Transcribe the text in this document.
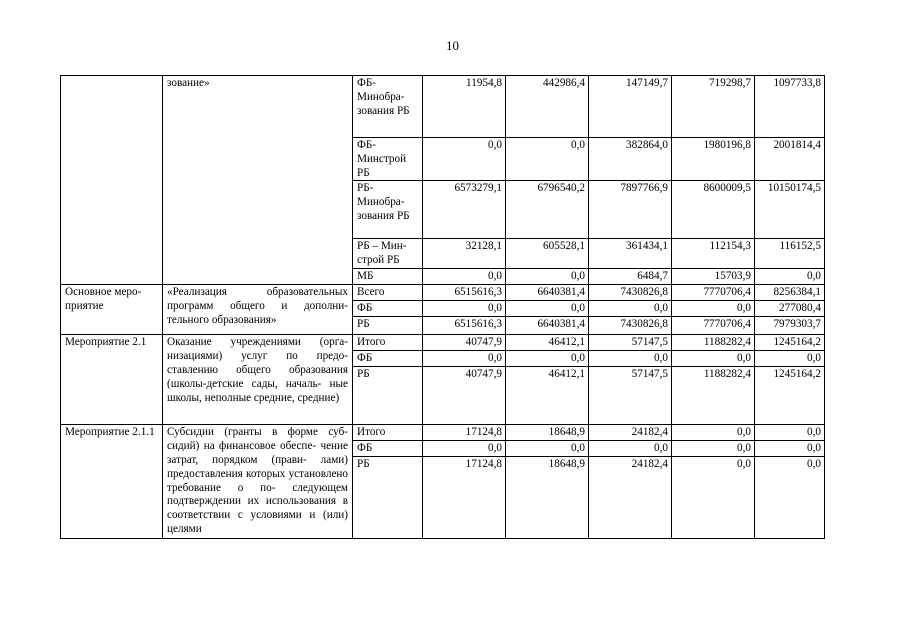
10
	зование»	ФБ- Минобра- зования РБ	11954,8	442986,4	147149,7	719298,7	1097733,8
		ФБ- Минстрой РБ	0,0	0,0	382864,0	1980196,8	2001814,4
		РБ- Минобра- зования РБ	6573279,1	6796540,2	7897766,9	8600009,5	10150174,5
		РБ – Мин- строй РБ	32128,1	605528,1	361434,1	112154,3	116152,5
		МБ	0,0	0,0	6484,7	15703,9	0,0
Основное меро- приятие	«Реализация образовательных программ общего и дополни- тельного образования»	Всего	6515616,3	6640381,4	7430826,8	7770706,4	8256384,1
		ФБ	0,0	0,0	0,0	0,0	277080,4
		РБ	6515616,3	6640381,4	7430826,8	7770706,4	7979303,7
Мероприятие 2.1	Оказание учреждениями (орга- низациями) услуг по предо- ставлению общего образования (школы-детские сады, началь- ные школы, неполные средние, средние)	Итого	40747,9	46412,1	57147,5	1188282,4	1245164,2
		ФБ	0,0	0,0	0,0	0,0	0,0
		РБ	40747,9	46412,1	57147,5	1188282,4	1245164,2
Мероприятие 2.1.1	Субсидии (гранты в форме суб- сидий) на финансовое обеспе- чение затрат, порядком (прави- лами) предоставления которых установлено требование о по- следующем подтверждении их использования в соответствии с условиями и (или) целями	Итого	17124,8	18648,9	24182,4	0,0	0,0
		ФБ	0,0	0,0	0,0	0,0	0,0
		РБ	17124,8	18648,9	24182,4	0,0	0,0
